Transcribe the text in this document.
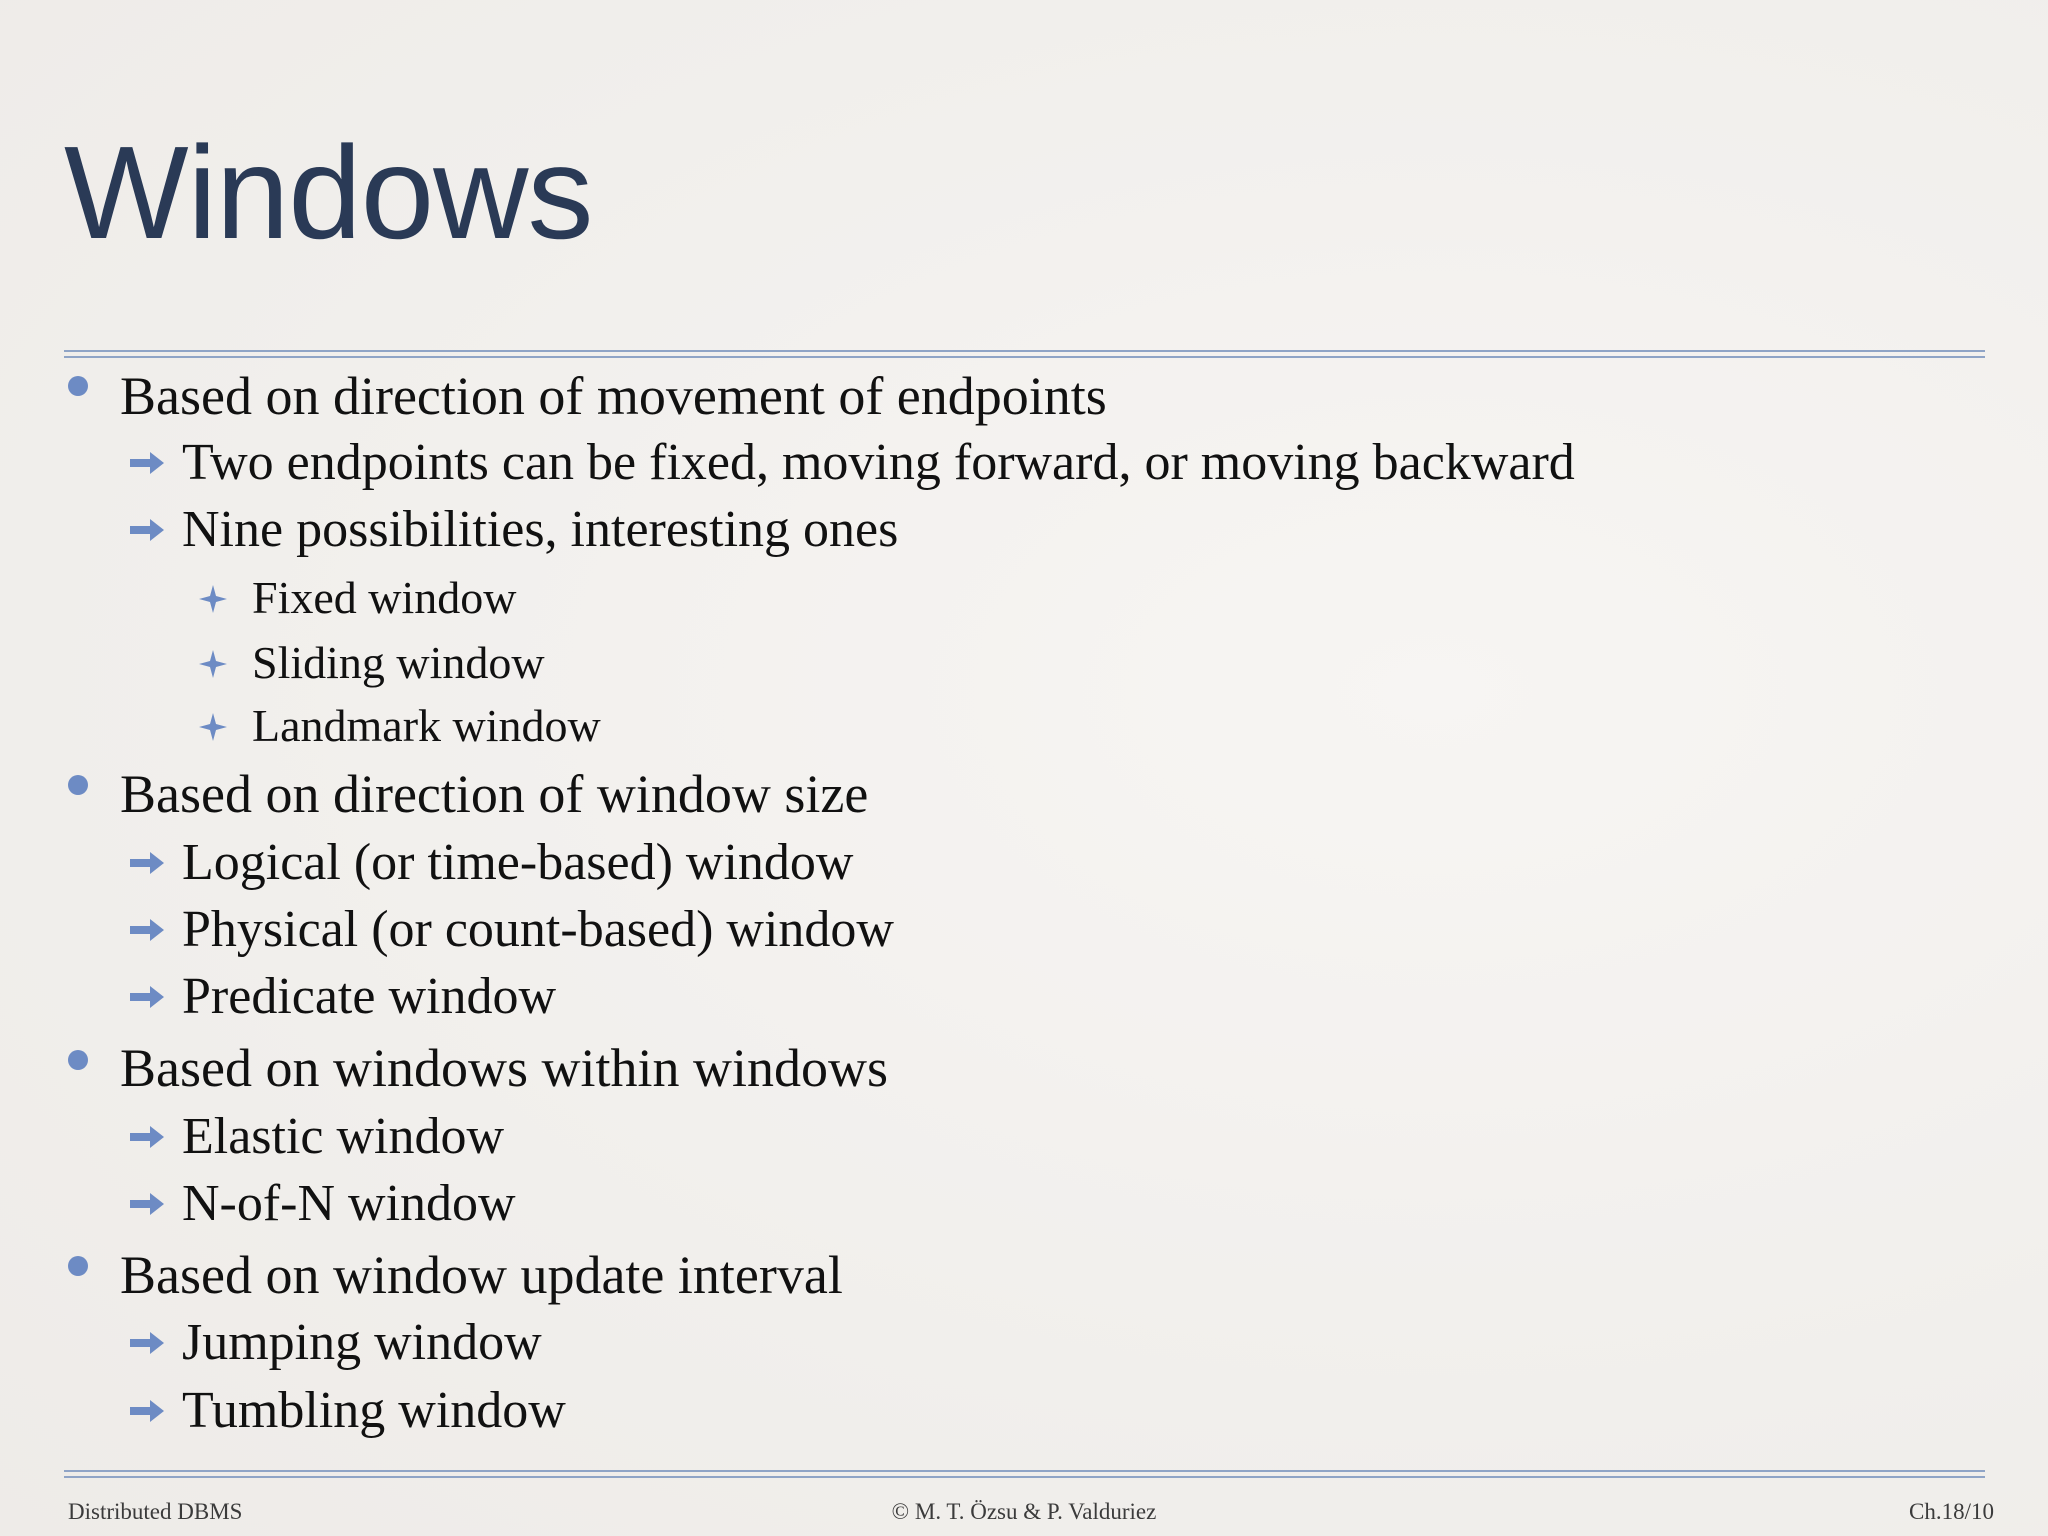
Windows
Based on direction of movement of endpoints
Two endpoints can be fixed, moving forward, or moving backward
Nine possibilities, interesting ones
Fixed window
Sliding window
Landmark window
Based on direction of window size
Logical (or time-based) window
Physical (or count-based) window
Predicate window
Based on windows within windows
Elastic window
N-of-N window
Based on window update interval
Jumping window
Tumbling window
Distributed DBMS	© M. T. Özsu & P. Valduriez	Ch.18/10
